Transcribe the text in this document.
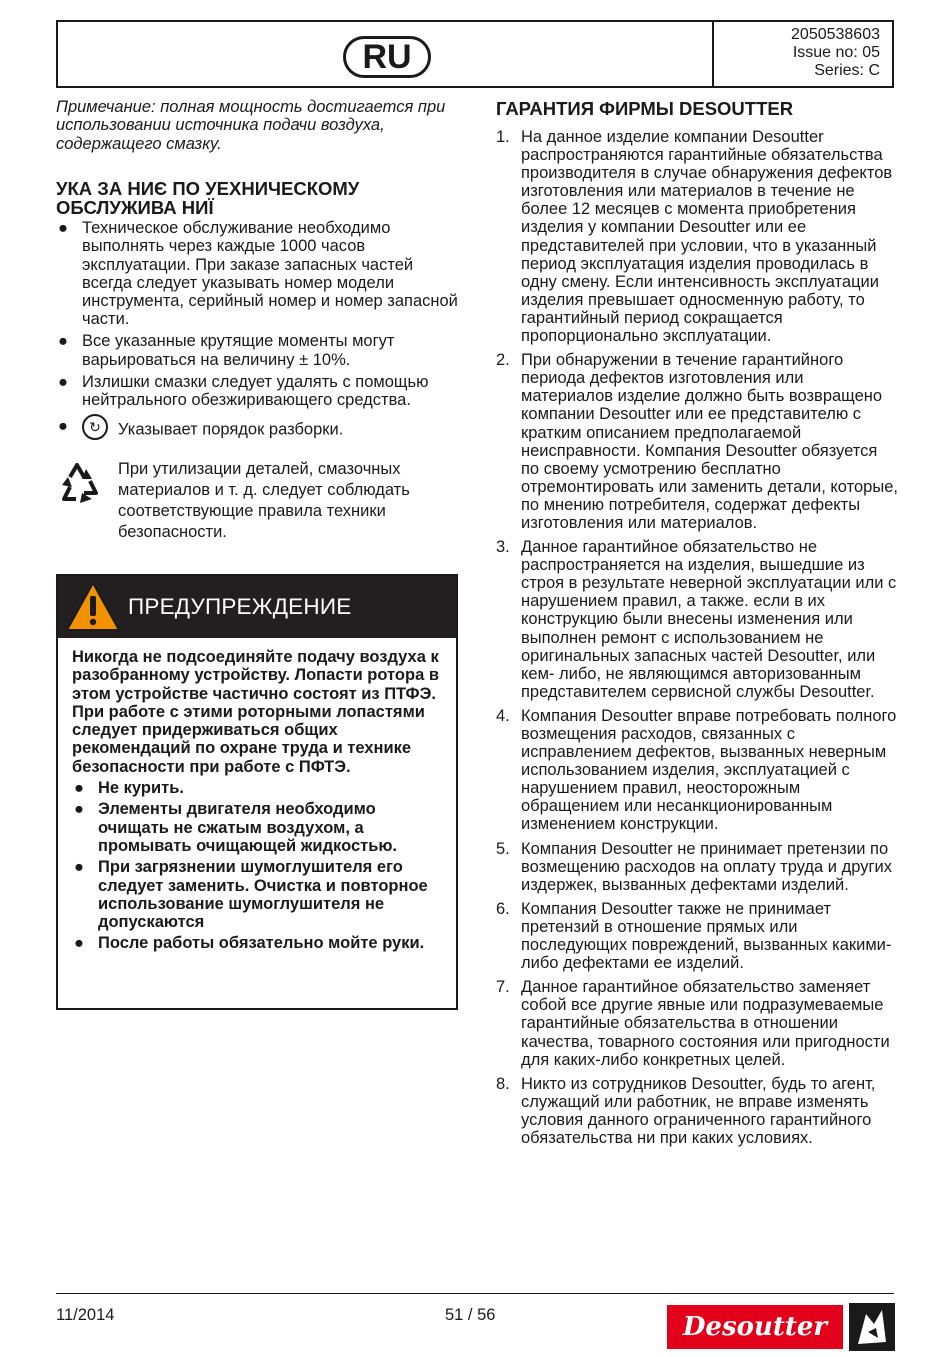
RU
2050538603
Issue no: 05
Series: C

Примечание: полная мощность достигается при использовании источника подачи воздуха, содержащего смазку.

УКА ЗА НИЄ ПО УЕХНИЧЕСКОМУ
ОБСЛУЖИВА НИЇ
● Техническое обслуживание необходимо выполнять через каждые 1000 часов эксплуатации. При заказе запасных частей всегда следует указывать номер модели инструмента, серийный номер и номер запасной части.
● Все указанные крутящие моменты могут варьироваться на величину ± 10%.
● Излишки смазки следует удалять с помощью нейтрального обезжиривающего средства.
● ↻ Указывает порядок разборки.
При утилизации деталей, смазочных материалов и т. д. следует соблюдать соответствующие правила техники безопасности.
ПРЕДУПРЕЖДЕНИЕ

Никогда не подсоединяйте подачу воздуха к разобранному устройству. Лопасти ротора в этом устройстве частично состоят из ПТФЭ. При работе с этими роторными лопастями следует придерживаться общих рекомендаций по охране труда и технике безопасности при работе с ПФТЭ.

● Не курить.
● Элементы двигателя необходимо очищать не сжатым воздухом, а промывать очищающей жидкостью.
● При загрязнении шумоглушителя его следует заменить. Очистка и повторное использование шумоглушителя не допускаются
● После работы обязательно мойте руки.
ГАРАНТИЯ ФИРМЫ DESOUTTER
1. На данное изделие компании Desoutter распространяются гарантийные обязательства производителя в случае обнаружения дефектов изготовления или материалов в течение не более 12 месяцев с момента приобретения изделия у компании Desoutter или ее представителей при условии, что в указанный период эксплуатация изделия проводилась в одну смену. Если интенсивность эксплуатации изделия превышает односменную работу, то гарантийный период сокращается пропорционально эксплуатации.
2. При обнаружении в течение гарантийного периода дефектов изготовления или материалов изделие должно быть возвращено компании Desoutter или ее представителю с кратким описанием предполагаемой неисправности. Компания Desoutter обязуется по своему усмотрению бесплатно отремонтировать или заменить детали, которые, по мнению потребителя, содержат дефекты изготовления или материалов.
3. Данное гарантийное обязательство не распространяется на изделия, вышедшие из строя в результате неверной эксплуатации или с нарушением правил, а также. если в их конструкцию были внесены изменения или выполнен ремонт с использованием не оригинальных запасных частей Desoutter, или кем- либо, не являющимся авторизованным представителем сервисной службы Desoutter.
4. Компания Desoutter вправе потребовать полного возмещения расходов, связанных с исправлением дефектов, вызванных неверным использованием изделия, эксплуатацией с нарушением правил, неосторожным обращением или несанкционированным изменением конструкции.
5. Компания Desoutter не принимает претензии по возмещению расходов на оплату труда и других издержек, вызванных дефектами изделий.
6. Компания Desoutter также не принимает претензий в отношение прямых или последующих повреждений, вызванных какими-либо дефектами ее изделий.
7. Данное гарантийное обязательство заменяет собой все другие явные или подразумеваемые гарантийные обязательства в отношении качества, товарного состояния или пригодности для каких-либо конкретных целей.
8. Никто из сотрудников Desoutter, будь то агент, служащий или работник, не вправе изменять условия данного ограниченного гарантийного обязательства ни при каких условиях.
11/2014	51 / 56	Desoutter
